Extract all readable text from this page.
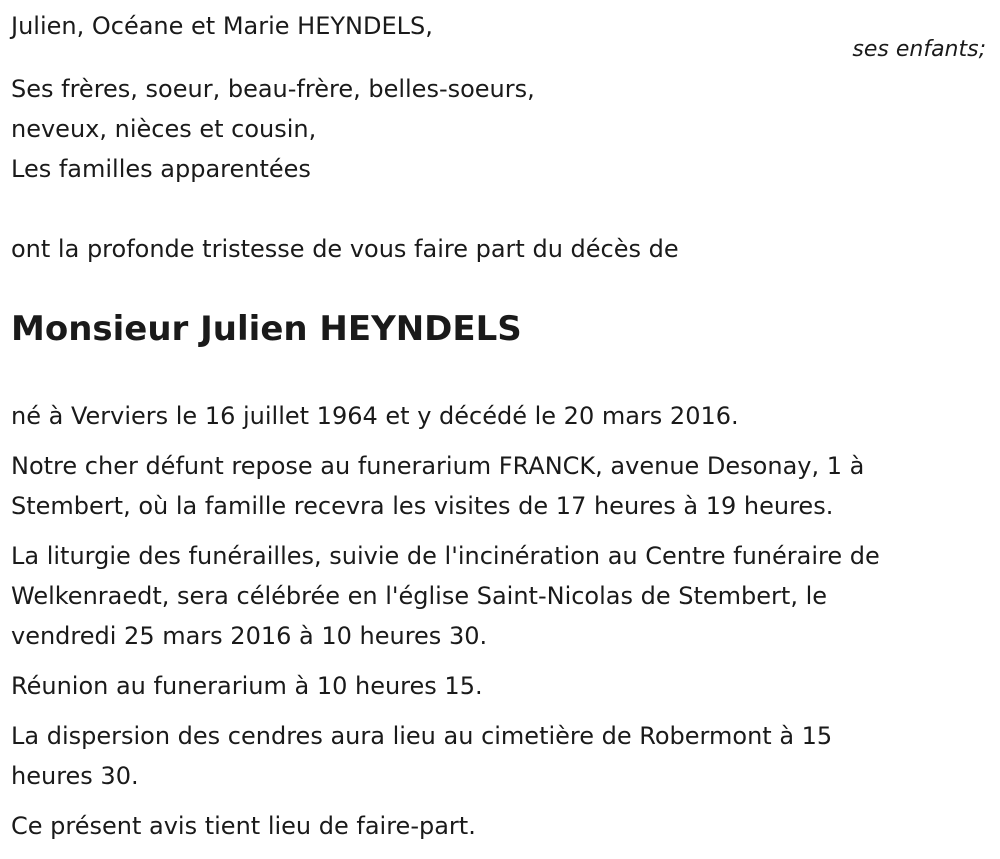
Julien, Océane et Marie HEYNDELS,
ses enfants;
Ses frères, soeur, beau-frère, belles-soeurs,
neveux, nièces et cousin,
Les familles apparentées
ont la profonde tristesse de vous faire part du décès de
Monsieur Julien HEYNDELS

né à Verviers le 16 juillet 1964 et y décédé le 20 mars 2016.

Notre cher défunt repose au funerarium FRANCK, avenue Desonay, 1 à
Stembert, où la famille recevra les visites de 17 heures à 19 heures.

La liturgie des funérailles, suivie de l'incinération au Centre funéraire de
Welkenraedt, sera célébrée en l'église Saint-Nicolas de Stembert, le
vendredi 25 mars 2016 à 10 heures 30.

Réunion au funerarium à 10 heures 15.

La dispersion des cendres aura lieu au cimetière de Robermont à 15
heures 30.

Ce présent avis tient lieu de faire-part.
